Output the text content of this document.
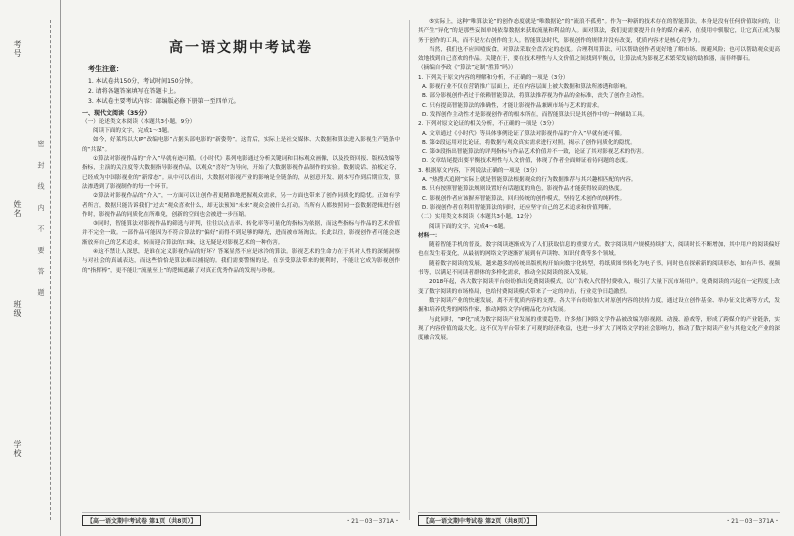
考号
姓名
班级
学校
密 封 线 内 不 要 答 题
高一语文期中考试卷
考生注意：
1. 本试卷共150分，考试时间150分钟。
2. 请将各题答案填写在答题卡上。
3. 本试卷主要考试内容：部编版必修下册第一至四单元。

一、现代文阅读（35分）

（一）论述类文本阅读（本题共3小题，9分）

阅读下面的文字，完成1～3题。

如今，好莱坞以大IP“改编电影”占据头部电影的“新姿势”。这背后，实际上是社交媒体、大数据和算法进入影视生产链条中的“共谋”。

①算法对影视作品的“介入”早就有迹可循。《小时代》系列电影通过分析关键词和目标观众画像，以及投资回报、版权改编等指标，主演的关注度等大数据指导影视作品，以观众“喜好”为导向，开始了大数据影视作品制作的实验。数据说话、拍板定夺，已经成为中国影视业的“新常态”。从中可以看出，大数据对影视产业的影响是全链条的，从创意开发、剧本写作到后期宣发，算法渗透到了影视制作的每一个环节。

②算法对影视作品的“介入”，一方面可以让创作者更精准地把握观众需求，另一方面也带来了创作同质化的隐忧。正如有学者所言，数据只能告诉我们“过去”观众喜欢什么，却无法预知“未来”观众会被什么打动。当所有人都按照同一套数据逻辑进行创作时，影视作品的同质化在所难免，创新的空间也会被进一步压缩。

③同时，智能算法对影视作品的筛选与评判，往往以点击率、转化率等可量化的指标为依据，而这些指标与作品的艺术价值并不完全一致。一部作品可能因为不符合算法的“偏好”而得不到足够的曝光，进而被市场淘汰。长此以往，影视创作者可能会逐渐放弃自己的艺术追求，转而迎合算法的口味，这无疑是对影视艺术的一种伤害。

④这不禁让人深思，是谁在定义影视作品的好坏？答案显然不应是冰冷的算法。影视艺术的生命力在于其对人性的深刻洞察与对社会的真诚表达，而这些恰恰是算法难以捕捉的。我们需要警惕的是，在享受算法带来的便利时，不能让它成为影视创作的“指挥棒”，更不能让“流量至上”的逻辑遮蔽了对真正优秀作品的发现与珍视。

【高一语文期中考试卷 第1页（共8页）】	・21－03－371A・

⑤实际上，这种“唯算法论”的创作态度就是“唯数据论”的“流浪不孤勇”。作为一种新的技术存在的智能算法，本身是没有任何价值取向的，让其产生“异化”的是那些妄图单纯依靠数据来获取流量和利益的人。面对算法，我们更需要提升自身的媒介素养，在使用中驯服它，让它真正成为服务于创作的工具，而不是左右创作的主人。智能算法时代，影视创作的规律并没有改变，优质内容才是核心竞争力。

当然，我们也不应因噎废食，对算法采取全盘否定的态度。合理利用算法，可以帮助创作者更好地了解市场、规避风险；也可以帮助观众更高效地找到自己喜欢的作品。关键在于，要在技术理性与人文价值之间找到平衡点，让算法成为影视艺术繁荣发展的助推器，而非绊脚石。

（摘编自李政《“算法”定制“胜算”吗》）

1. 下列关于原文内容的理解和分析，不正确的一项是（3分）

A. 影视行业不仅在营销推广层面上，还在内容层面上被大数据和算法所渗透和影响。

B. 部分影视创作者过于依赖智能算法，将算法推荐视为作品的金标准，丧失了创作主动性。

C. 只有提高智能算法的准确性，才能让影视作品兼顾市场与艺术的需求。

D. 发挥创作主动性才是影视创作者的根本所在，而智能算法只是其创作中的一种辅助工具。

2. 下列对原文论证的相关分析，不正确的一项是（3分）

A. 文章通过《小时代》等具体事例论证了算法对影视作品的“介入”早就有迹可循。

B. 第②段运用对比论证，将数据与观众真实需求进行对照，揭示了创作同质化的隐忧。

C. 第③段指出智能算法的评判指标与作品艺术价值并不一致，论证了其对影视艺术的伤害。

D. 文章结尾提出要平衡技术理性与人文价值，体现了作者全面辩证看待问题的态度。

3. 根据原文内容，下列说法正确的一项是（3分）

A. “热搜式追剧”实际上就是智能算法根据观众的行为数据推荐与其兴趣相匹配的内容。

B. 只有按照智能算法规则设置好有话题度的角色，影视作品才能获得较高的热度。

C. 影视创作者应该摒弃智能算法，回归传统的创作模式，坚持艺术创作的纯粹性。

D. 影视创作者在利用智能算法的同时，还应坚守自己的艺术追求和价值判断。

（二）实用类文本阅读（本题共3小题，12分）

阅读下面的文字，完成4～6题。

材料一：

随着智能手机的普及，数字阅读逐渐成为了人们获取信息的重要方式。数字阅读用户规模持续扩大，阅读时长不断增加，其中用户的阅读偏好也在发生着变化，从最初的网络文学逐渐扩展到有声读物、知识付费等多个领域。

随着数字阅读的发展，越来越多的传统出版机构开始向数字化转型，将纸质图书转化为电子书，同时也在探索新的阅读形态，如有声书、视频书等，以满足不同读者群体的多样化需求，推动全民阅读的深入发展。

2018年起，各大数字阅读平台纷纷推出免费阅读模式，以广告收入代替付费收入，吸引了大量下沉市场用户。免费阅读的兴起在一定程度上改变了数字阅读的市场格局，也给付费阅读模式带来了一定的冲击，行业竞争日趋激烈。

数字阅读产业的快速发展，离不开优质内容的支撑。各大平台纷纷加大对原创内容的扶持力度，通过设立创作基金、举办征文比赛等方式，发掘和培养优秀的网络作家，推动网络文学向精品化方向发展。

与此同时，“IP化”成为数字阅读产业发展的重要趋势。许多热门网络文学作品被改编为影视剧、动漫、游戏等，形成了跨媒介的产业链条，实现了内容价值的最大化。这不仅为平台带来了可观的经济收益，也进一步扩大了网络文学的社会影响力，推动了数字阅读产业与其他文化产业的深度融合发展。

【高一语文期中考试卷 第2页（共8页）】	・21－03－371A・
